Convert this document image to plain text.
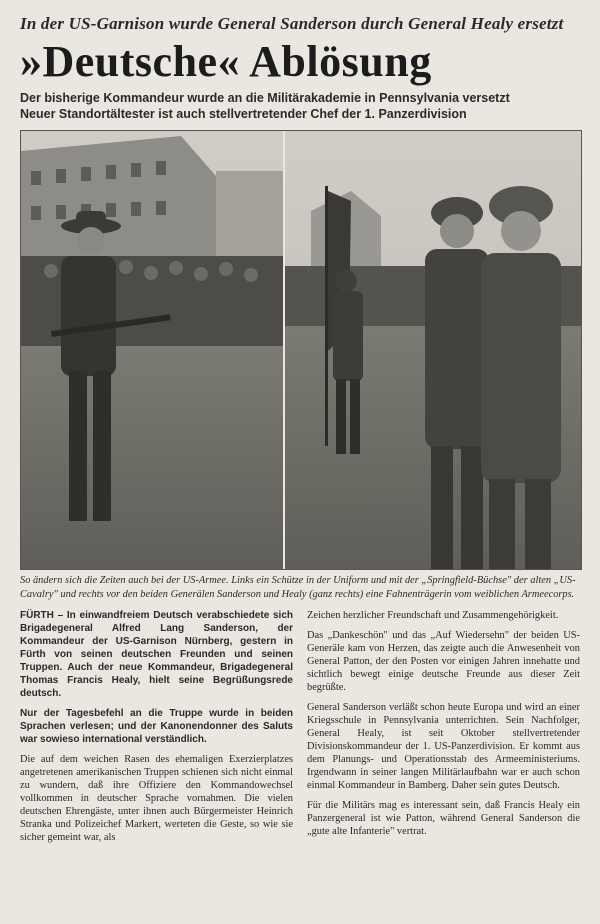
In der US-Garnison wurde General Sanderson durch General Healy ersetzt
»Deutsche« Ablösung
Der bisherige Kommandeur wurde an die Militärakademie in Pennsylvania versetzt
Neuer Standortältester ist auch stellvertretender Chef der 1. Panzerdivision
So ändern sich die Zeiten auch bei der US-Armee. Links ein Schütze in der Uniform und mit der „Springfield-Büchse" der alten „US-Cavalry" und rechts vor den beiden Generälen Sanderson und Healy (ganz rechts) eine Fahnenträgerin vom weiblichen Armeecorps.

FÜRTH – In einwandfreiem Deutsch verabschiedete sich Brigadegeneral Alfred Lang Sanderson, der Kommandeur der US-Garnison Nürnberg, gestern in Fürth von seinen deutschen Freunden und seinen Truppen. Auch der neue Kommandeur, Brigadegeneral Thomas Francis Healy, hielt seine Begrüßungsrede deutsch.

Nur der Tagesbefehl an die Truppe wurde in beiden Sprachen verlesen; und der Kanonendonner des Saluts war sowieso international verständlich.

Die auf dem weichen Rasen des ehemaligen Exerzierplatzes angetretenen amerikanischen Truppen schienen sich nicht einmal zu wundern, daß ihre Offiziere den Kommandowechsel vollkommen in deutscher Sprache vornahmen. Die vielen deutschen Ehrengäste, unter ihnen auch Bürgermeister Heinrich Stranka und Polizeichef Markert, werteten die Geste, so wie sie sicher gemeint war, als

Zeichen herzlicher Freundschaft und Zusammengehörigkeit.

Das „Dankeschön" und das „Auf Wiedersehn" der beiden US-Generäle kam von Herzen, das zeigte auch die Anwesenheit von General Patton, der den Posten vor einigen Jahren innehatte und sichtlich bewegt einige deutsche Freunde aus dieser Zeit begrüßte.

General Sanderson verläßt schon heute Europa und wird an einer Kriegsschule in Pennsylvania unterrichten. Sein Nachfolger, General Healy, ist seit Oktober stellvertretender Divisionskommandeur der 1. US-Panzerdivision. Er kommt aus dem Planungs- und Operationsstab des Armeeministeriums. Irgendwann in seiner langen Militärlaufbahn war er auch schon einmal Kommandeur in Bamberg. Daher sein gutes Deutsch.

Für die Militärs mag es interessant sein, daß Francis Healy ein Panzergeneral ist wie Patton, während General Sanderson die „gute alte Infanterie" vertrat.
